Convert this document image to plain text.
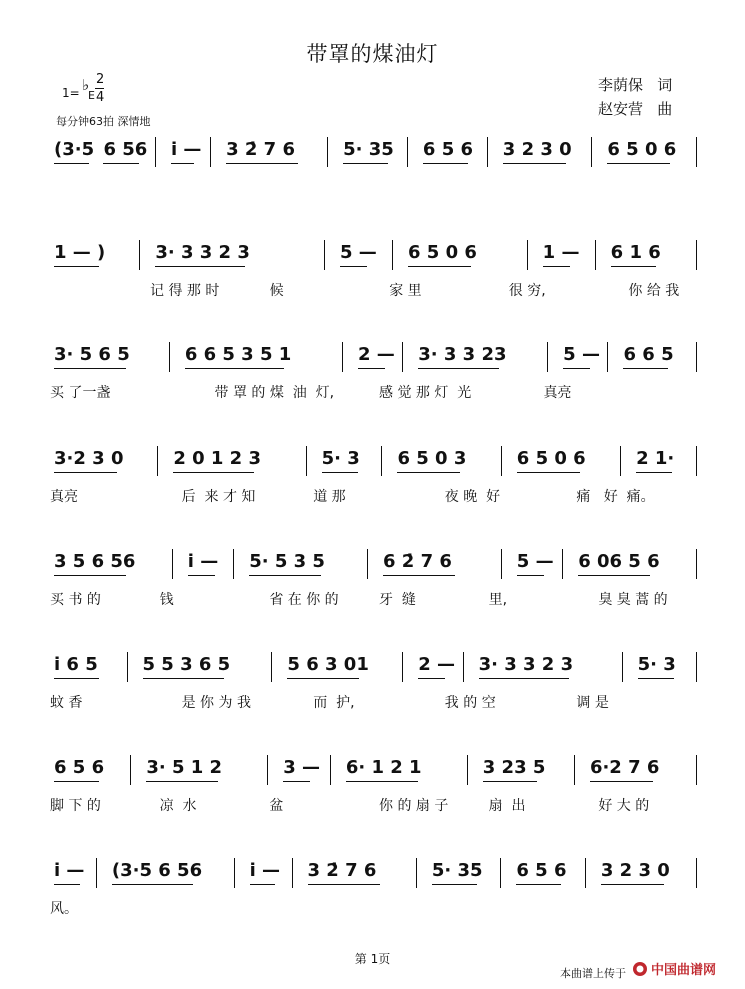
带罩的煤油灯
1= ♭
E
2
4
每分钟63拍 深情地
李荫保   词
赵安营   曲
(3·5 6 56 i — 3 2̇ 7 6	5· 35 6 5 6 3 2 3 0 6 5 0 6
1 — )	3· 3 3 2 3	5 — 6 5 0 6	1 — 6 1 6
记 得 那 时	候	家 里	很 穷,	你 给 我
3· 5 6 5	6 6 5 3 5 1	2 — 3· 3 3 23	5 — 6 6 5
买 了一盏	带 罩 的 煤  油  灯,	感 觉 那 灯  光	真亮
3·2 3 0	2 0 1 2 3	5· 3 6 5 0 3	6 5 0 6	2 1·
真亮	后  来 才 知	道 那	夜 晚  好	痛   好  痛。
3 5 6 56	i — 5· 5 3 5	6 2̇ 7 6	5 — 6 06 5 6
买 书 的	钱	省 在 你 的	牙  缝	里,	臭 臭 蒿 的
i 6 5 5 5 3 6 5	5 6 3 01	2 — 3· 3 3 2 3	5· 3
蚊 香	是 你 为 我	而  护,	我 的 空	调 是
6 5 6 3· 5 1 2	3 — 6· 1 2 1	3 23 5 6·2 7 6
脚 下 的	凉  水	盆	你 的 扇 子	扇  出	好 大 的
i — (3·5 6 56	i — 3 2̇ 7 6	5· 35 6 5 6 3 2 3 0
风。
第 1页
本曲谱上传于 中国曲谱网
